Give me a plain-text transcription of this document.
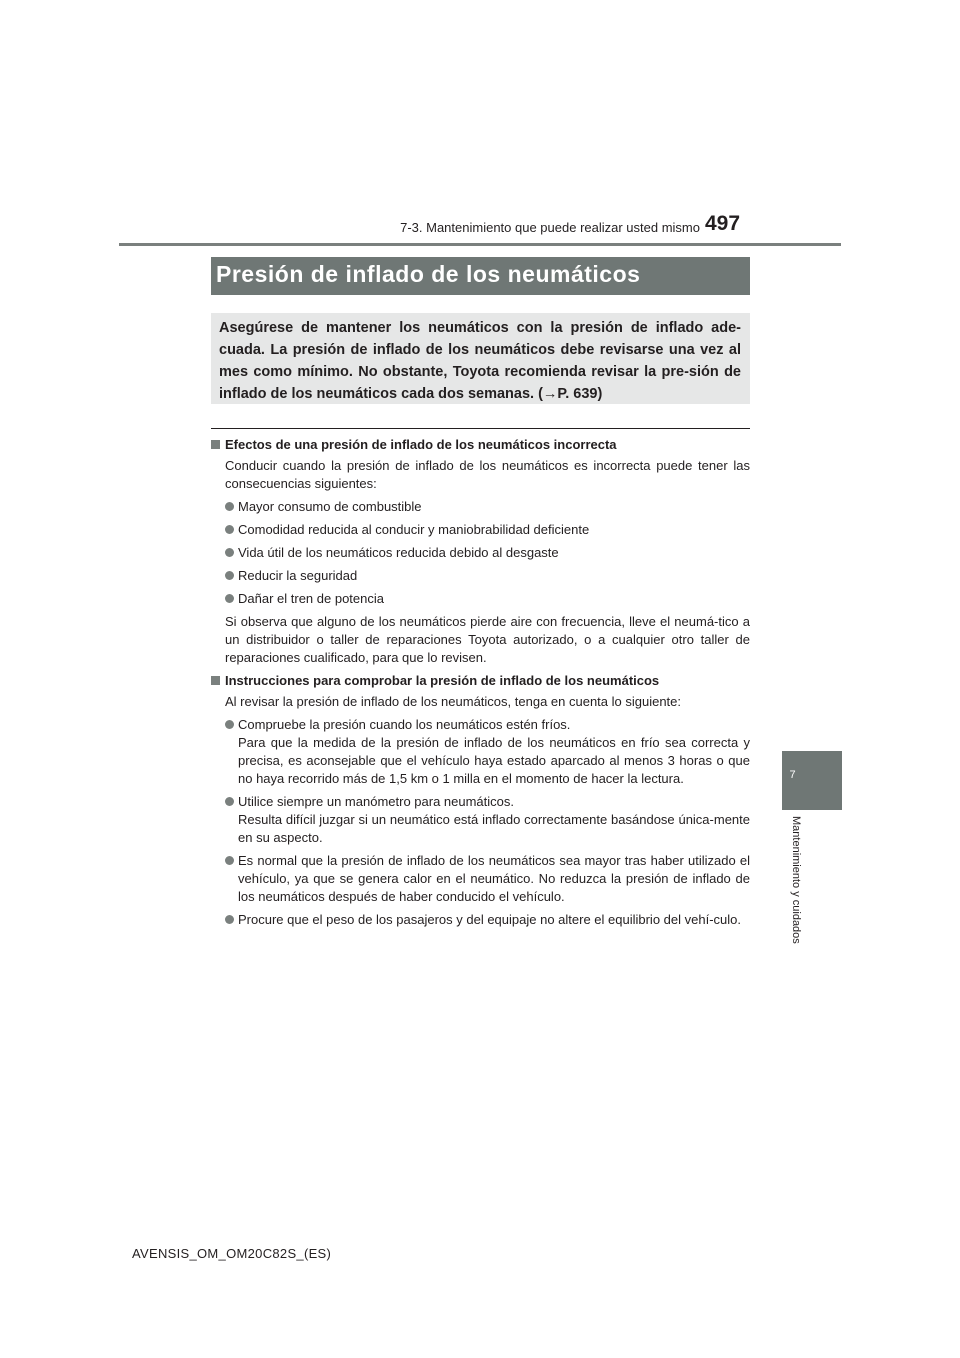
7-3. Mantenimiento que puede realizar usted mismo 497
7
Mantenimiento y cuidados
Presión de inflado de los neumáticos
Asegúrese de mantener los neumáticos con la presión de inflado ade-cuada. La presión de inflado de los neumáticos debe revisarse una vez al mes como mínimo. No obstante, Toyota recomienda revisar la pre-sión de inflado de los neumáticos cada dos semanas. (→P. 639)
Efectos de una presión de inflado de los neumáticos incorrecta
Conducir cuando la presión de inflado de los neumáticos es incorrecta puede tener las consecuencias siguientes:
Mayor consumo de combustible
Comodidad reducida al conducir y maniobrabilidad deficiente
Vida útil de los neumáticos reducida debido al desgaste
Reducir la seguridad
Dañar el tren de potencia
Si observa que alguno de los neumáticos pierde aire con frecuencia, lleve el neumá-tico a un distribuidor o taller de reparaciones Toyota autorizado, o a cualquier otro taller de reparaciones cualificado, para que lo revisen.
Instrucciones para comprobar la presión de inflado de los neumáticos
Al revisar la presión de inflado de los neumáticos, tenga en cuenta lo siguiente:
Compruebe la presión cuando los neumáticos estén fríos.
Para que la medida de la presión de inflado de los neumáticos en frío sea correcta y precisa, es aconsejable que el vehículo haya estado aparcado al menos 3 horas o que no haya recorrido más de 1,5 km o 1 milla en el momento de hacer la lectura.
Utilice siempre un manómetro para neumáticos.
Resulta difícil juzgar si un neumático está inflado correctamente basándose única-mente en su aspecto.
Es normal que la presión de inflado de los neumáticos sea mayor tras haber utilizado el vehículo, ya que se genera calor en el neumático. No reduzca la presión de inflado de los neumáticos después de haber conducido el vehículo.
Procure que el peso de los pasajeros y del equipaje no altere el equilibrio del vehí-culo.
AVENSIS_OM_OM20C82S_(ES)
